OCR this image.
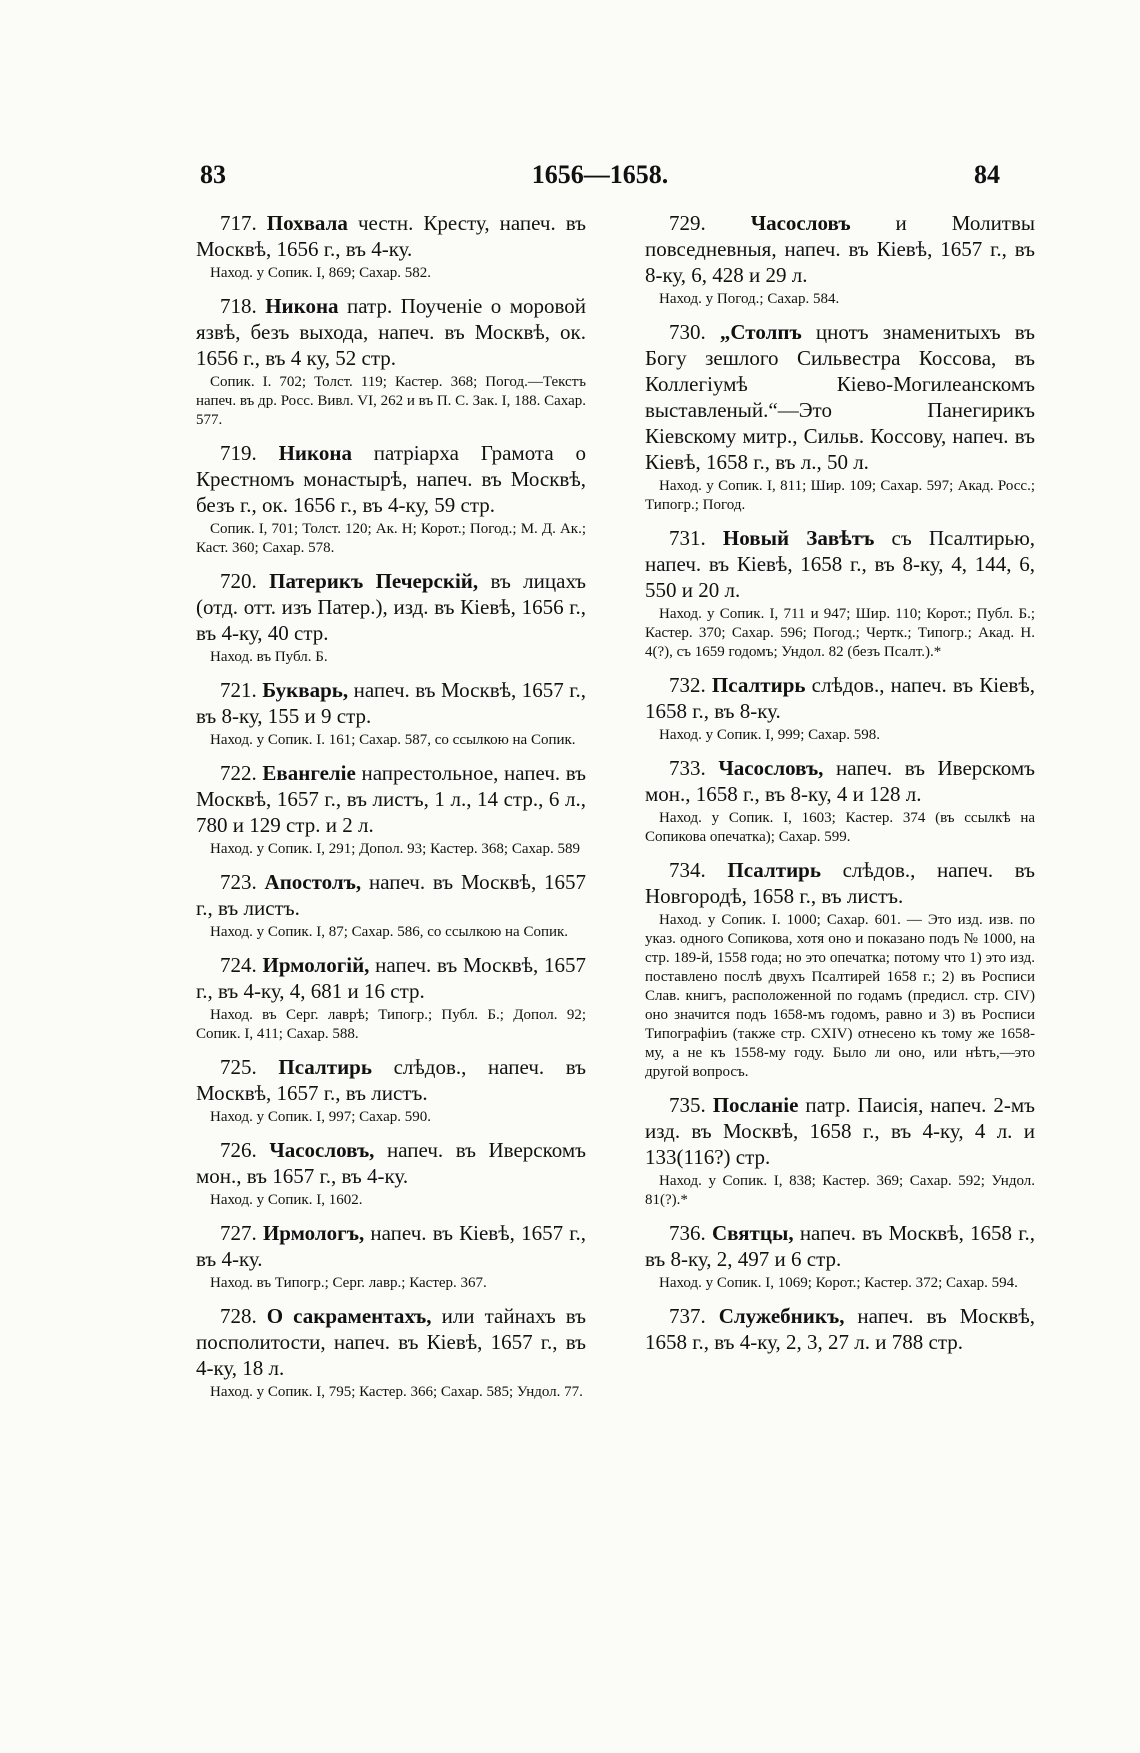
83	1656—1658.	84

717. Похвала честн. Кресту, напеч. въ Москвѣ, 1656 г., въ 4-ку.

Наход. у Сопик. I, 869; Сахар. 582.

718. Никона патр. Поученіе о моровой язвѣ, безъ выхода, напеч. въ Москвѣ, ок. 1656 г., въ 4 ку, 52 стр.

Сопик. I. 702; Толст. 119; Кастер. 368; Погод.—Текстъ напеч. въ др. Росс. Вивл. VI, 262 и въ П. С. Зак. I, 188. Сахар. 577.

719. Никона патріарха Грамота о Крестномъ монастырѣ, напеч. въ Москвѣ, безъ г., ок. 1656 г., въ 4-ку, 59 стр.

Сопик. I, 701; Толст. 120; Ак. Н; Корот.; Погод.; М. Д. Ак.; Каст. 360; Сахар. 578.

720. Патерикъ Печерскій, въ лицахъ (отд. отт. изъ Патер.), изд. въ Кіевѣ, 1656 г., въ 4-ку, 40 стр.

Наход. въ Публ. Б.

721. Букварь, напеч. въ Москвѣ, 1657 г., въ 8-ку, 155 и 9 стр.

Наход. у Сопик. I. 161; Сахар. 587, со ссылкою на Сопик.

722. Евангеліе напрестольное, напеч. въ Москвѣ, 1657 г., въ листъ, 1 л., 14 стр., 6 л., 780 и 129 стр. и 2 л.

Наход. у Сопик. I, 291; Допол. 93; Кастер. 368; Сахар. 589

723. Апостолъ, напеч. въ Москвѣ, 1657 г., въ листъ.

Наход. у Сопик. I, 87; Сахар. 586, со ссылкою на Сопик.

724. Ирмологій, напеч. въ Москвѣ, 1657 г., въ 4-ку, 4, 681 и 16 стр.

Наход. въ Серг. лаврѣ; Типогр.; Публ. Б.; Допол. 92; Сопик. I, 411; Сахар. 588.

725. Псалтирь слѣдов., напеч. въ Москвѣ, 1657 г., въ листъ.

Наход. у Сопик. I, 997; Сахар. 590.

726. Часословъ, напеч. въ Иверскомъ мон., въ 1657 г., въ 4-ку.

Наход. у Сопик. I, 1602.

727. Ирмологъ, напеч. въ Кіевѣ, 1657 г., въ 4-ку.

Наход. въ Типогр.; Серг. лавр.; Кастер. 367.

728. О сакраментахъ, или тайнахъ въ посполитости, напеч. въ Кіевѣ, 1657 г., въ 4-ку, 18 л.

Наход. у Сопик. I, 795; Кастер. 366; Сахар. 585; Ундол. 77.

729. Часословъ и Молитвы повседневныя, напеч. въ Кіевѣ, 1657 г., въ 8-ку, 6, 428 и 29 л.

Наход. у Погод.; Сахар. 584.

730. „Столпъ цнотъ знаменитыхъ въ Богу зешлого Сильвестра Коссова, въ Коллегіумѣ Кіево-Могилеанскомъ выставленый.“—Это Панегирикъ Кіевскому митр., Сильв. Коссову, напеч. въ Кіевѣ, 1658 г., въ л., 50 л.

Наход. у Сопик. I, 811; Шир. 109; Сахар. 597; Акад. Росс.; Типогр.; Погод.

731. Новый Завѣтъ съ Псалтирью, напеч. въ Кіевѣ, 1658 г., въ 8-ку, 4, 144, 6, 550 и 20 л.

Наход. у Сопик. I, 711 и 947; Шир. 110; Корот.; Публ. Б.; Кастер. 370; Сахар. 596; Погод.; Чертк.; Типогр.; Акад. Н. 4(?), съ 1659 годомъ; Ундол. 82 (безъ Псалт.).*

732. Псалтирь слѣдов., напеч. въ Кіевѣ, 1658 г., въ 8-ку.

Наход. у Сопик. I, 999; Сахар. 598.

733. Часословъ, напеч. въ Иверскомъ мон., 1658 г., въ 8-ку, 4 и 128 л.

Наход. у Сопик. I, 1603; Кастер. 374 (въ ссылкѣ на Сопикова опечатка); Сахар. 599.

734. Псалтирь слѣдов., напеч. въ Новгородѣ, 1658 г., въ листъ.

Наход. у Сопик. I. 1000; Сахар. 601. — Это изд. изв. по указ. одного Сопикова, хотя оно и показано подъ № 1000, на стр. 189-й, 1558 года; но это опечатка; потому что 1) это изд. поставлено послѣ двухъ Псалтирей 1658 г.; 2) въ Росписи Слав. книгъ, расположенной по годамъ (предисл. стр. CIV) оно значится подъ 1658-мъ годомъ, равно и 3) въ Росписи Типографіиъ (также стр. CXIV) отнесено къ тому же 1658-му, а не къ 1558-му году. Было ли оно, или нѣтъ,—это другой вопросъ.

735. Посланіе патр. Паисія, напеч. 2-мъ изд. въ Москвѣ, 1658 г., въ 4-ку, 4 л. и 133(116?) стр.

Наход. у Сопик. I, 838; Кастер. 369; Сахар. 592; Ундол. 81(?).*

736. Святцы, напеч. въ Москвѣ, 1658 г., въ 8-ку, 2, 497 и 6 стр.

Наход. у Сопик. I, 1069; Корот.; Кастер. 372; Сахар. 594.

737. Служебникъ, напеч. въ Москвѣ, 1658 г., въ 4-ку, 2, 3, 27 л. и 788 стр.
